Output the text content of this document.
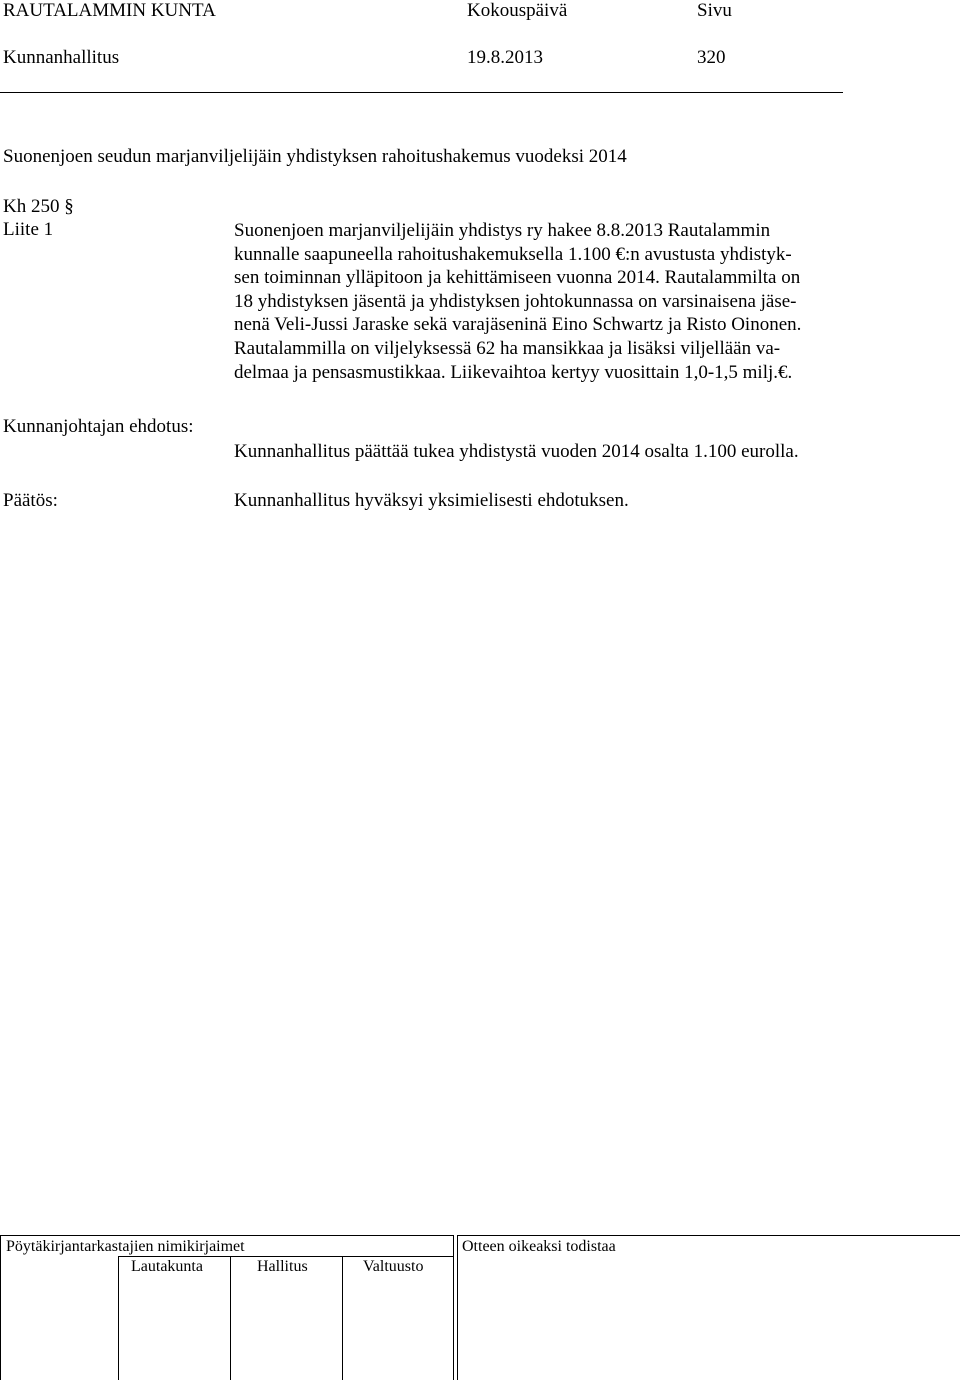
RAUTALAMMIN KUNTA	Kokouspäivä	Sivu
Kunnanhallitus	19.8.2013	320
Suonenjoen seudun marjanviljelijäin yhdistyksen rahoitushakemus vuodeksi 2014
Kh 250 §
Liite 1	Suonenjoen marjanviljelijäin yhdistys ry hakee 8.8.2013 Rautalammin
kunnalle saapuneella rahoitushakemuksella 1.100 €:n avustusta yhdistyk-
sen toiminnan ylläpitoon ja kehittämiseen vuonna 2014. Rautalammilta on
18 yhdistyksen jäsentä ja yhdistyksen johtokunnassa on varsinaisena jäse-
nenä Veli-Jussi Jaraske sekä varajäseninä Eino Schwartz ja Risto Oinonen.
Rautalammilla on viljelyksessä 62 ha mansikkaa ja lisäksi viljellään va-
delmaa ja pensasmustikkaa. Liikevaihtoa kertyy vuosittain 1,0-1,5 milj.€.
Kunnanjohtajan ehdotus:
Kunnanhallitus päättää tukea yhdistystä vuoden 2014 osalta 1.100 eurolla.
Päätös:	Kunnanhallitus hyväksyi yksimielisesti ehdotuksen.
Pöytäkirjantarkastajien nimikirjaimet	Otteen oikeaksi todistaa
Lautakunta	Hallitus	Valtuusto
